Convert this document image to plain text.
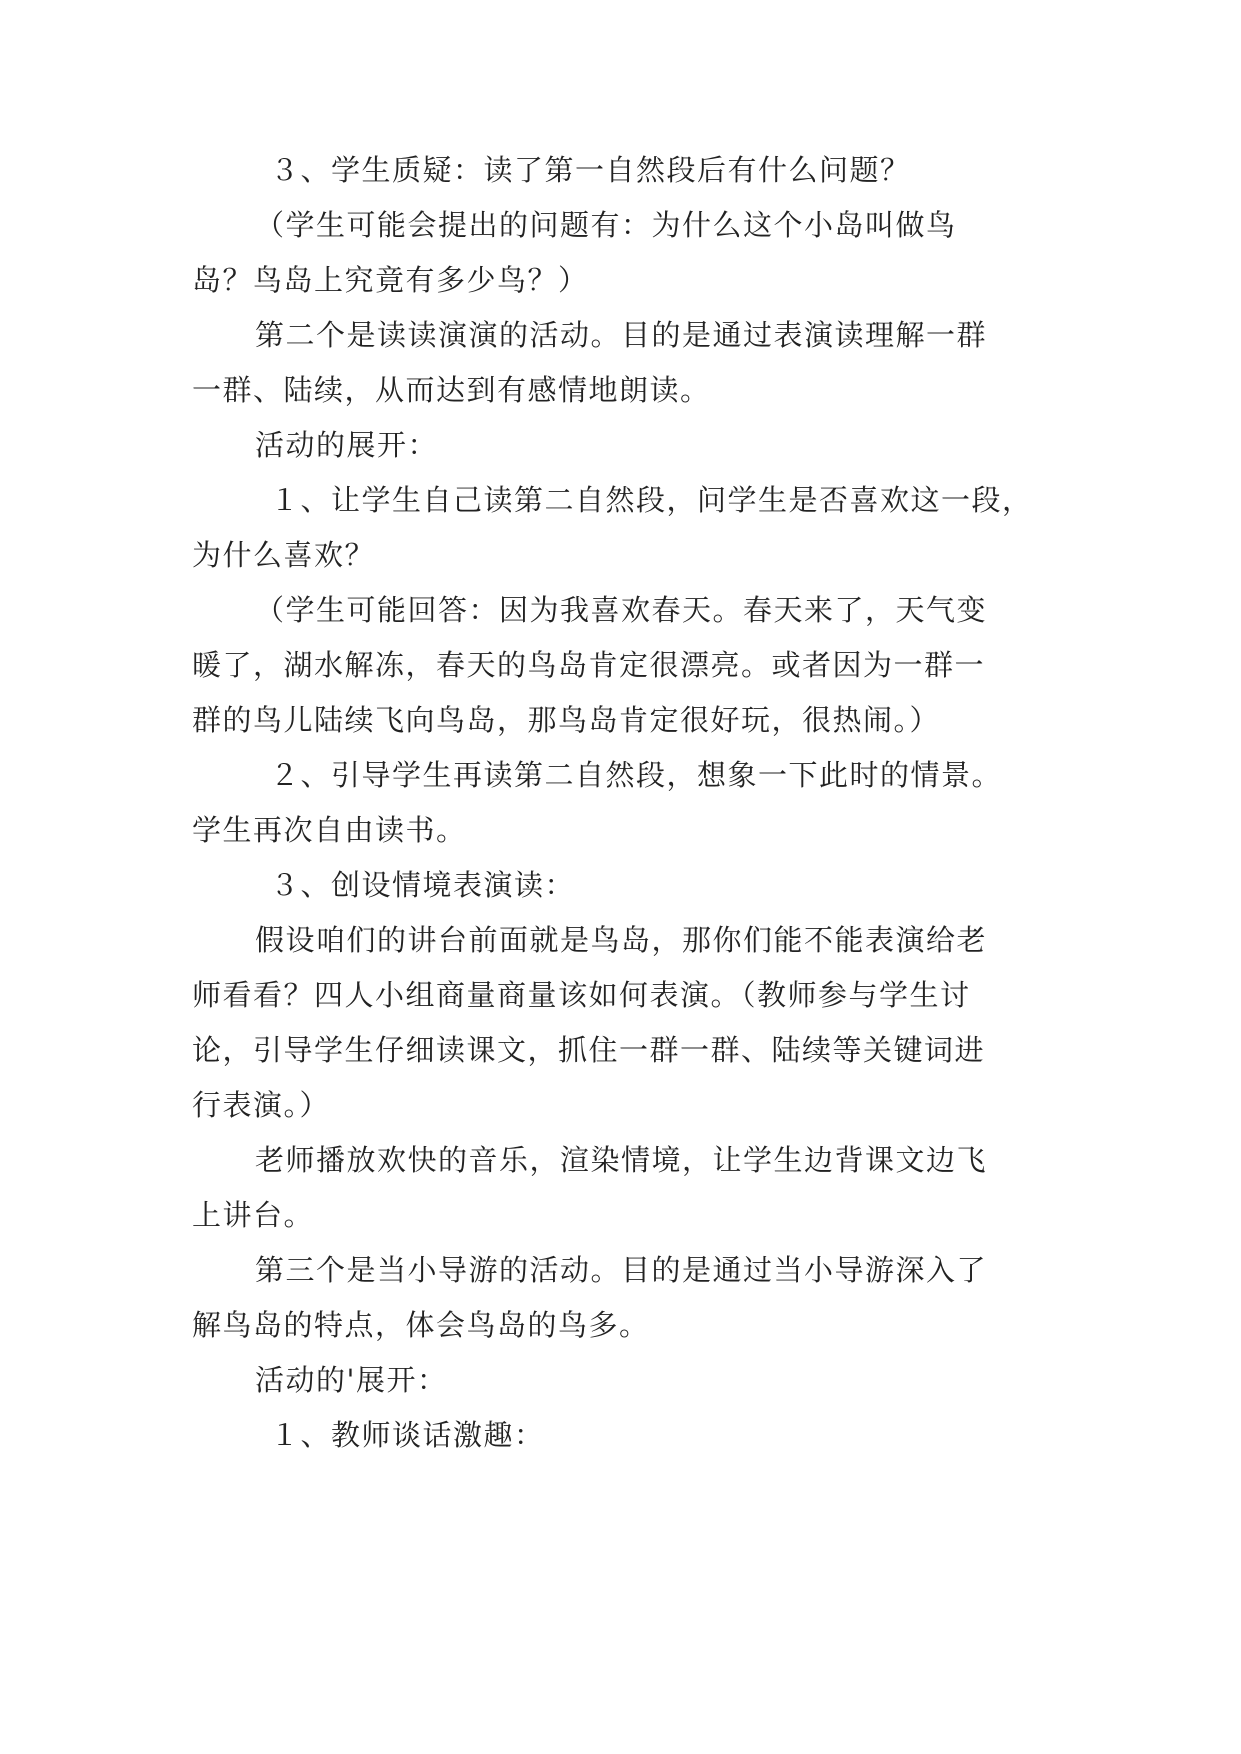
３、学生质疑：读了第一自然段后有什么问题？
（学生可能会提出的问题有：为什么这个小岛叫做鸟
岛？鸟岛上究竟有多少鸟？）
第二个是读读演演的活动。目的是通过表演读理解一群
一群、陆续，从而达到有感情地朗读。
活动的展开：
１、让学生自己读第二自然段，问学生是否喜欢这一段，
为什么喜欢？
（学生可能回答：因为我喜欢春天。春天来了，天气变
暖了，湖水解冻，春天的鸟岛肯定很漂亮。或者因为一群一
群的鸟儿陆续飞向鸟岛，那鸟岛肯定很好玩，很热闹。）
２、引导学生再读第二自然段，想象一下此时的情景。
学生再次自由读书。
３、创设情境表演读：
假设咱们的讲台前面就是鸟岛，那你们能不能表演给老
师看看？四人小组商量商量该如何表演。（教师参与学生讨
论，引导学生仔细读课文，抓住一群一群、陆续等关键词进
行表演。）
老师播放欢快的音乐，渲染情境，让学生边背课文边飞
上讲台。
第三个是当小导游的活动。目的是通过当小导游深入了
解鸟岛的特点，体会鸟岛的鸟多。
活动的'展开：
１、教师谈话激趣：
